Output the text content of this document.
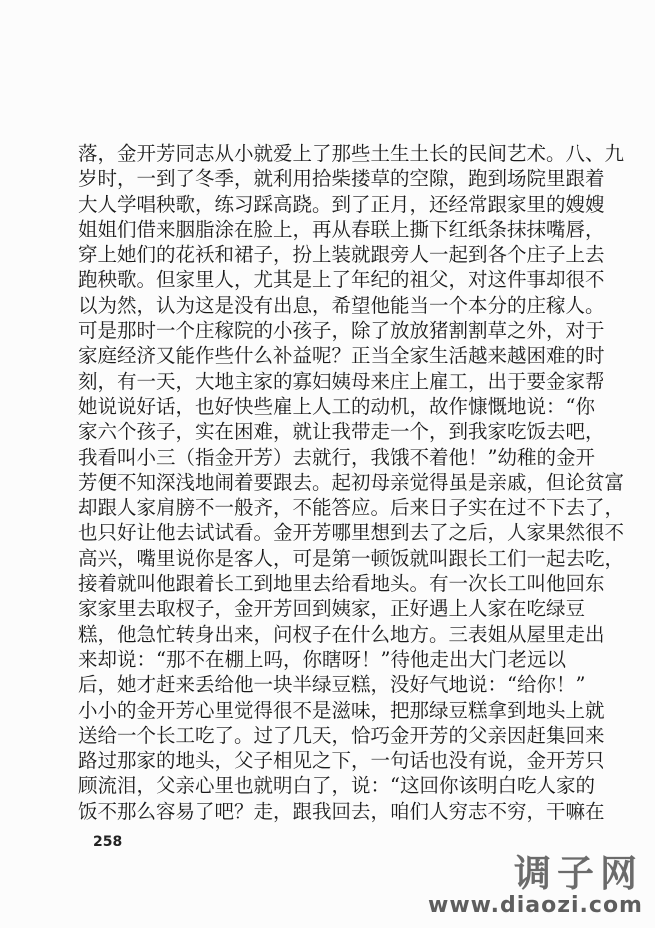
落，金开芳同志从小就爱上了那些土生土长的民间艺术。八、九
岁时，一到了冬季，就利用拾柴搂草的空隙，跑到场院里跟着
大人学唱秧歌，练习踩高跷。到了正月，还经常跟家里的嫂嫂
姐姐们借来胭脂涂在脸上，再从春联上撕下红纸条抹抹嘴唇，
穿上她们的花袄和裙子，扮上装就跟旁人一起到各个庄子上去
跑秧歌。但家里人，尤其是上了年纪的祖父，对这件事却很不
以为然，认为这是没有出息，希望他能当一个本分的庄稼人。
可是那时一个庄稼院的小孩子，除了放放猪割割草之外，对于
家庭经济又能作些什么补益呢？正当全家生活越来越困难的时
刻，有一天，大地主家的寡妇姨母来庄上雇工，出于要金家帮
她说说好话，也好快些雇上人工的动机，故作慷慨地说：“你
家六个孩子，实在困难，就让我带走一个，到我家吃饭去吧，
我看叫小三（指金开芳）去就行，我饿不着他！”幼稚的金开
芳便不知深浅地闹着要跟去。起初母亲觉得虽是亲戚，但论贫富
却跟人家肩膀不一般齐，不能答应。后来日子实在过不下去了，
也只好让他去试试看。金开芳哪里想到去了之后，人家果然很不
高兴，嘴里说你是客人，可是第一顿饭就叫跟长工们一起去吃，
接着就叫他跟着长工到地里去给看地头。有一次长工叫他回东
家家里去取杈子，金开芳回到姨家，正好遇上人家在吃绿豆
糕，他急忙转身出来，问杈子在什么地方。三表姐从屋里走出
来却说：“那不在棚上吗，你瞎呀！”待他走出大门老远以
后，她才赶来丢给他一块半绿豆糕，没好气地说：“给你！”
小小的金开芳心里觉得很不是滋味，把那绿豆糕拿到地头上就
送给一个长工吃了。过了几天，恰巧金开芳的父亲因赶集回来
路过那家的地头，父子相见之下，一句话也没有说，金开芳只
顾流泪，父亲心里也就明白了，说：“这回你该明白吃人家的
饭不那么容易了吧？走，跟我回去，咱们人穷志不穷，干嘛在
258
调子网
www.diaozi.com
